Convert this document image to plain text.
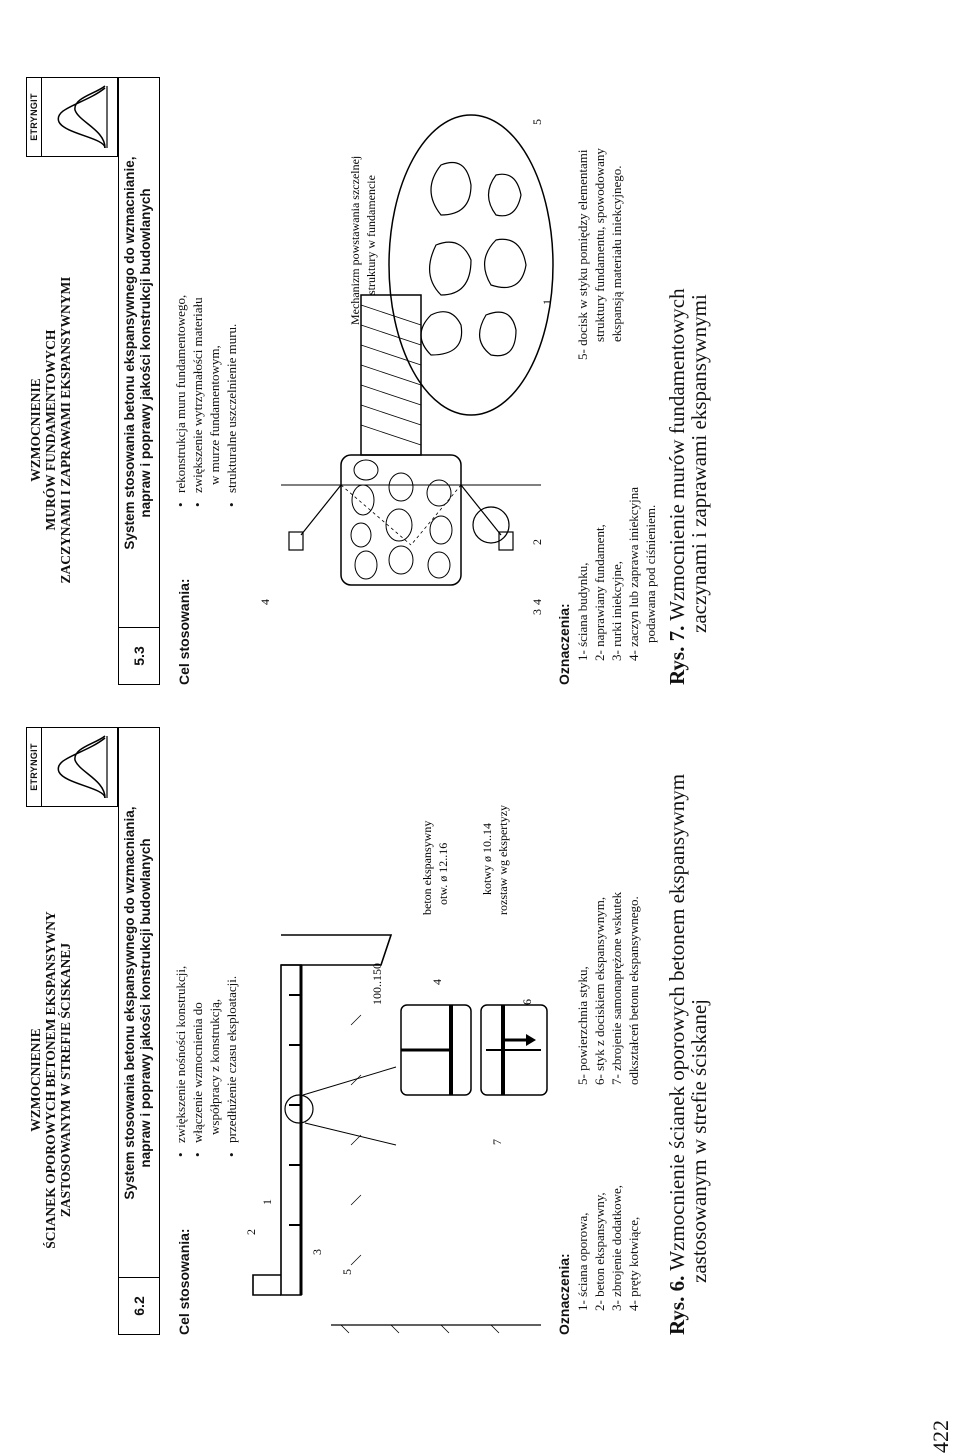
WZMOCNIENIE ŚCIANEK OPOROWYCH BETONEM EKSPANSYWNY ZASTOSOWANYM W STREFIE ŚCISKANEJ
ETRYNGIT
6.2
System stosowania betonu ekspansywnego do wzmacniania, napraw i poprawy jakości konstrukcji budowlanych
Cel stosowania:
•
zwiększenie nośności konstrukcji,
•
włączenie wzmocnienia do współpracy z konstrukcją,
•
przedłużenie czasu eksploatacji.	100..150
beton ekspansywny otw. ø 12..16	kotwy ø 10..14 rozstaw wg ekspertyzy
1
2
3
4
5
6
7
Oznaczenia: 1- ściana oporowa, 2- beton ekspansywny, 3- zbrojenie dodatkowe, 4- pręty kotwiące,
5- powierzchnia styku, 6- styk z dociskiem ekspansywnym, 7- zbrojenie samonaprężone wskutek odkształceń betonu ekspansywnego.
Rys. 6. Wzmocnienie ścianek oporowych betonem ekspansywnym
zastosowanym w strefie ściskanej
WZMOCNIENIE MURÓW FUNDAMENTOWYCH ZACZYNAMI I ZAPRAWAMI EKSPANSYWNYMI
ETRYNGIT
5.3
System stosowania betonu ekspansywnego do wzmacnianie, napraw i poprawy jakości konstrukcji budowlanych
Cel stosowania:
•
rekonstrukcja muru fundamentowego,
•
zwiększenie wytrzymałości materiału w murze fundamentowym,
•
strukturalne uszczelnienie muru.
1
2
3
4	4
5
Mechanizm powstawania szczelnej struktury w fundamencie
Oznaczenia: 1- ściana budynku, 2- naprawiany fundament, 3- rurki iniekcyjne, 4- zaczyn lub zaprawa iniekcyjna podawana pod ciśnieniem.
5- docisk w styku pomiędzy elementami struktury fundamentu, spowodowany ekspansją materiału iniekcyjnego.
Rys. 7. Wzmocnienie murów fundamentowych
zaczynami i zaprawami ekspansywnymi
422
